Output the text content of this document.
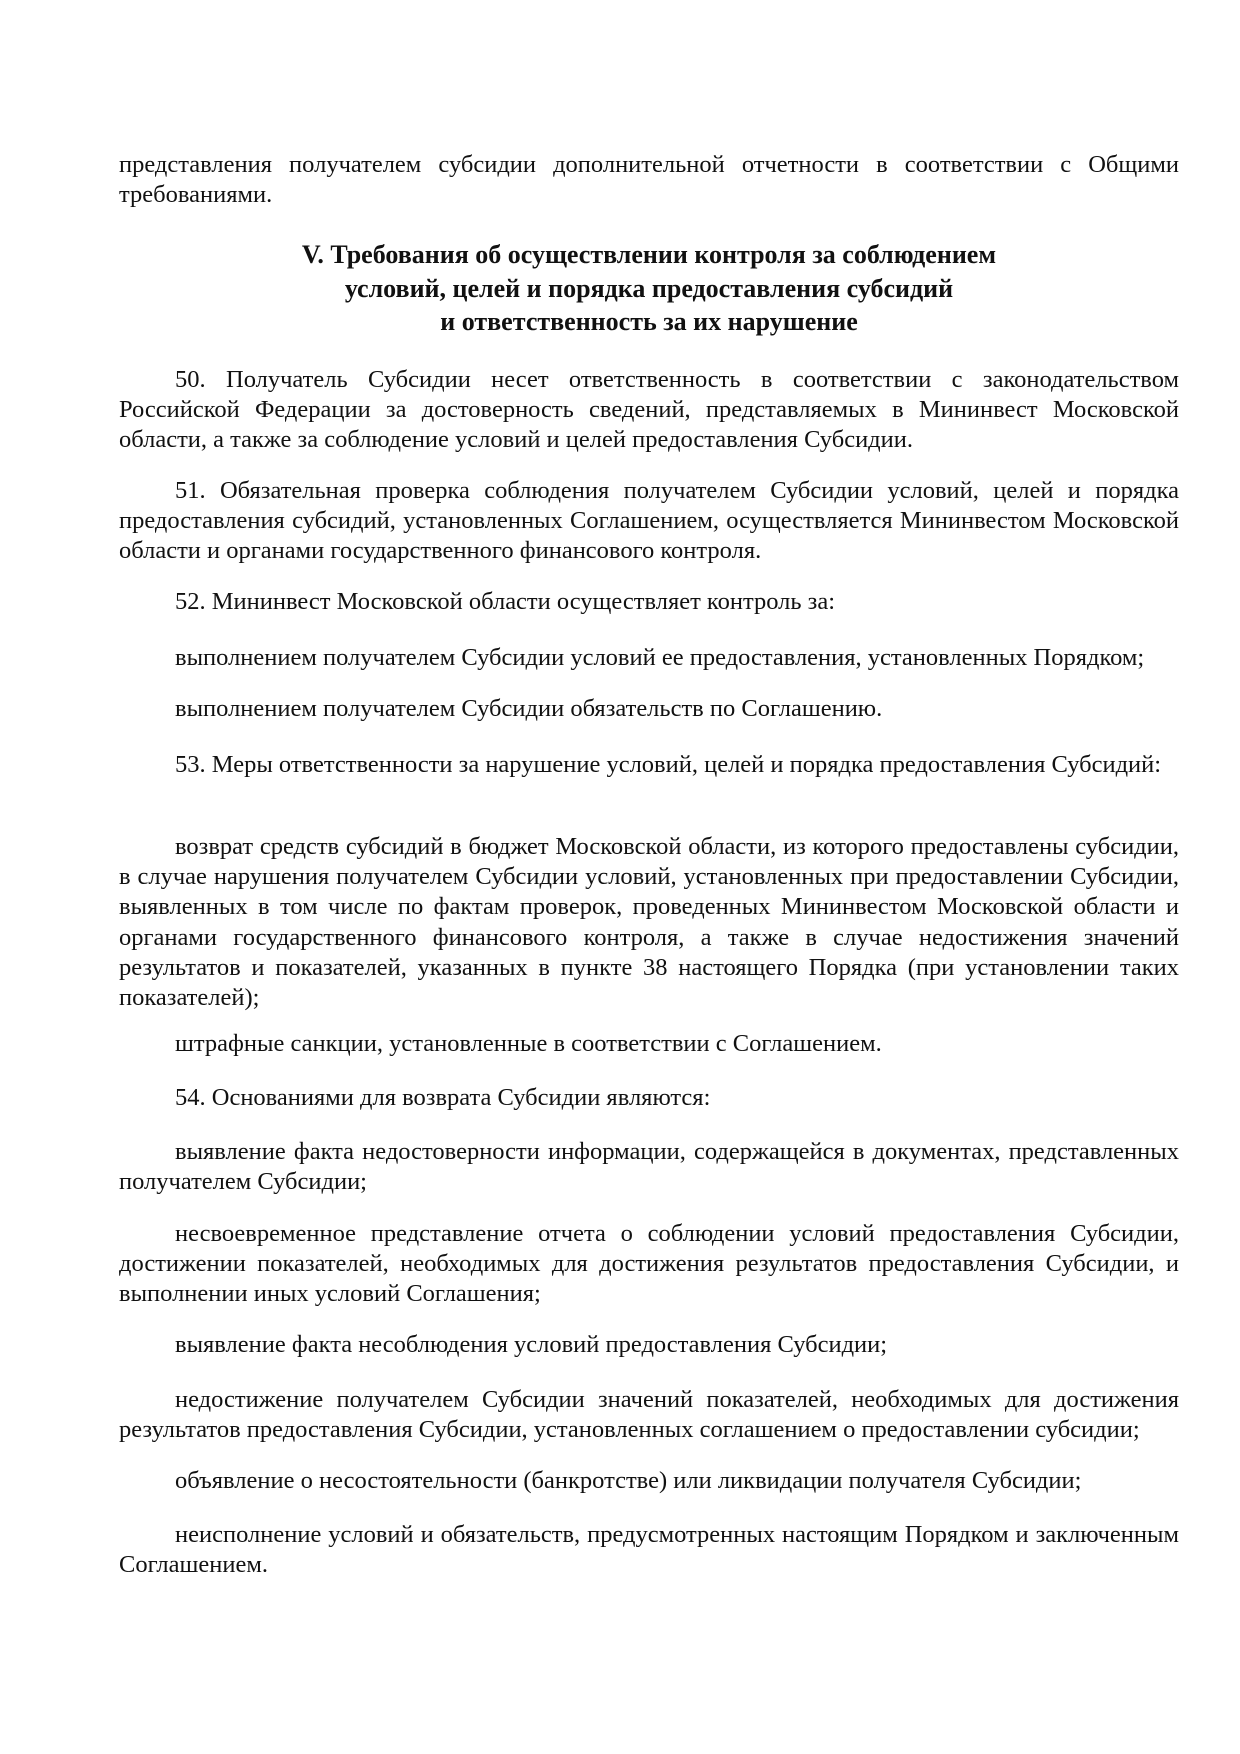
представления получателем субсидии дополнительной отчетности в соответствии с Общими требованиями.

V. Требования об осуществлении контроля за соблюдением
условий, целей и порядка предоставления субсидий
и ответственность за их нарушение

50. Получатель Субсидии несет ответственность в соответствии с законодательством Российской Федерации за достоверность сведений, представляемых в Мининвест Московской области, а также за соблюдение условий и целей предоставления Субсидии.

51. Обязательная проверка соблюдения получателем Субсидии условий, целей и порядка предоставления субсидий, установленных Соглашением, осуществляется Мининвестом Московской области и органами государственного финансового контроля.

52. Мининвест Московской области осуществляет контроль за:

выполнением получателем Субсидии условий ее предоставления, установленных Порядком;

выполнением получателем Субсидии обязательств по Соглашению.

53. Меры ответственности за нарушение условий, целей и порядка предоставления Субсидий:

возврат средств субсидий в бюджет Московской области, из которого предоставлены субсидии, в случае нарушения получателем Субсидии условий, установленных при предоставлении Субсидии, выявленных в том числе по фактам проверок, проведенных Мининвестом Московской области и органами государственного финансового контроля, а также в случае недостижения значений результатов и показателей, указанных в пункте 38 настоящего Порядка (при установлении таких показателей);

штрафные санкции, установленные в соответствии с Соглашением.

54. Основаниями для возврата Субсидии являются:

выявление факта недостоверности информации, содержащейся в документах, представленных получателем Субсидии;

несвоевременное представление отчета о соблюдении условий предоставления Субсидии, достижении показателей, необходимых для достижения результатов предоставления Субсидии, и выполнении иных условий Соглашения;

выявление факта несоблюдения условий предоставления Субсидии;

недостижение получателем Субсидии значений показателей, необходимых для достижения результатов предоставления Субсидии, установленных соглашением о предоставлении субсидии;

объявление о несостоятельности (банкротстве) или ликвидации получателя Субсидии;

неисполнение условий и обязательств, предусмотренных настоящим Порядком и заключенным Соглашением.
